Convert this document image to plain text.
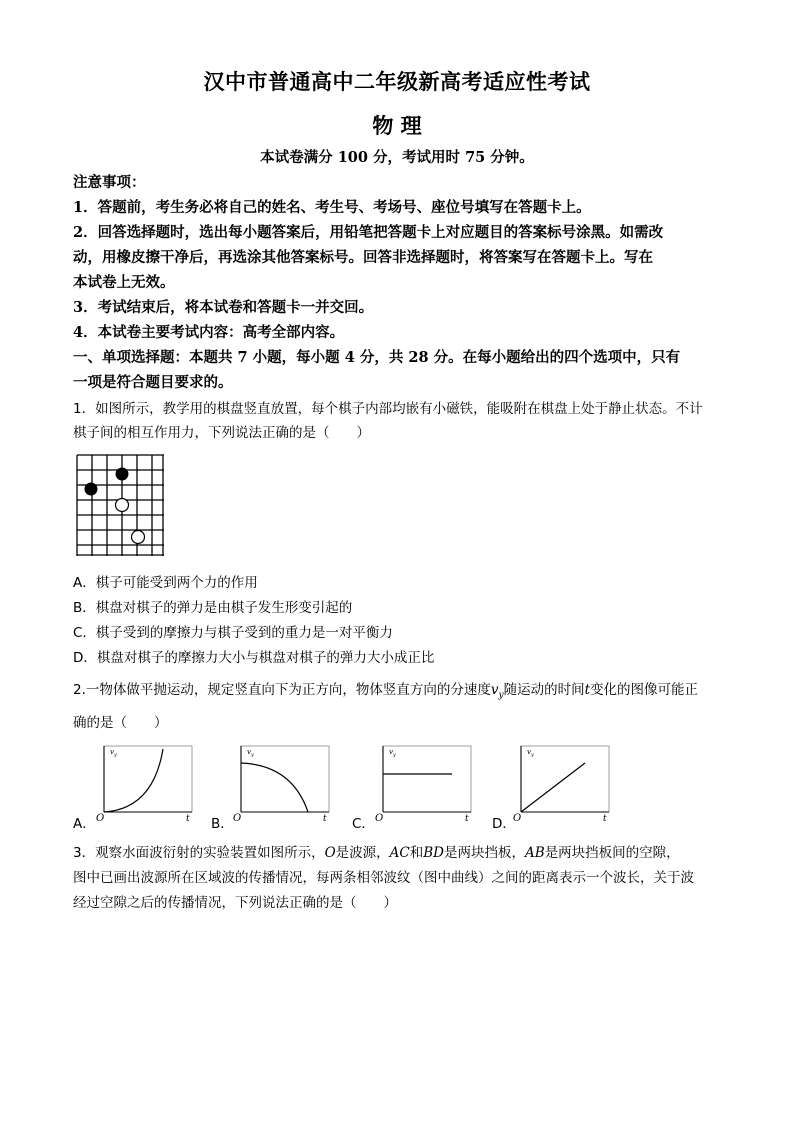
汉中市普通高中二年级新高考适应性考试
物 理
本试卷满分 100 分，考试用时 75 分钟。
注意事项：
1．答题前，考生务必将自己的姓名、考生号、考场号、座位号填写在答题卡上。
2．回答选择题时，选出每小题答案后，用铅笔把答题卡上对应题目的答案标号涂黑。如需改
动，用橡皮擦干净后，再选涂其他答案标号。回答非选择题时，将答案写在答题卡上。写在
本试卷上无效。
3．考试结束后，将本试卷和答题卡一并交回。
4．本试卷主要考试内容：高考全部内容。
一、单项选择题：本题共 7 小题，每小题 4 分，共 28 分。在每小题给出的四个选项中，只有
一项是符合题目要求的。
1．如图所示，教学用的棋盘竖直放置，每个棋子内部均嵌有小磁铁，能吸附在棋盘上处于静止状态。不计
棋子间的相互作用力，下列说法正确的是（　　）
A．棋子可能受到两个力的作用
B．棋盘对棋子的弹力是由棋子发生形变引起的
C．棋子受到的摩擦力与棋子受到的重力是一对平衡力
D．棋盘对棋子的摩擦力大小与棋盘对棋子的弹力大小成正比
2.一物体做平抛运动，规定竖直向下为正方向，物体竖直方向的分速度$v_y$随运动的时间t变化的图像可能正
确的是（　　）
A．
$v_y$
O	t B．
$v_y$
O	t C．
$v_y$
O	t D．
$v_y$
O	t
3．观察水面波衍射的实验装置如图所示，O是波源，AC和BD是两块挡板，AB是两块挡板间的空隙，
图中已画出波源所在区域波的传播情况，每两条相邻波纹（图中曲线）之间的距离表示一个波长，关于波
经过空隙之后的传播情况，下列说法正确的是（　　）
